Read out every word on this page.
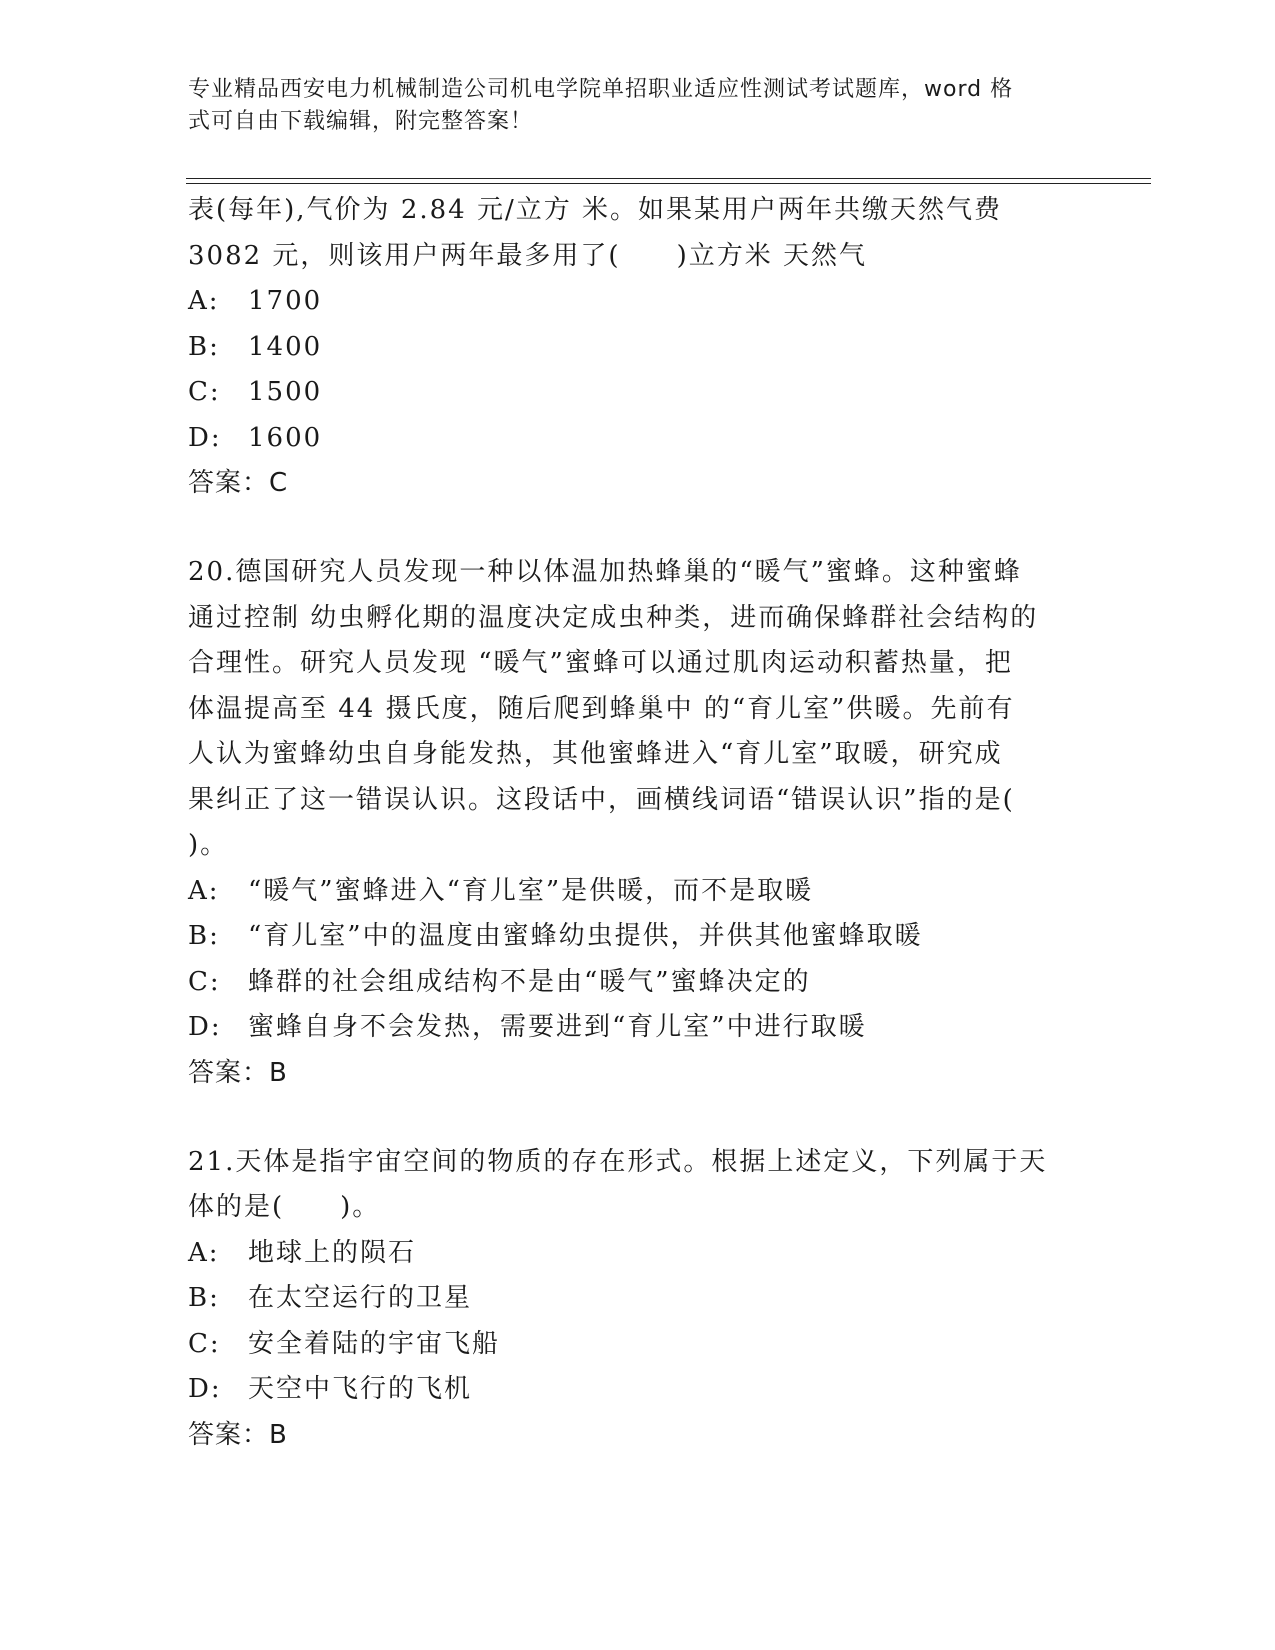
专业精品西安电力机械制造公司机电学院单招职业适应性测试考试题库，word 格
式可自由下载编辑，附完整答案！
表(每年),气价为 2.84 元/立方 米。如果某用户两年共缴天然气费
3082 元，则该用户两年最多用了(　　)立方米 天然气
A:	1700
B:	1400
C:	1500
D:	1600
答案：C
20.德国研究人员发现一种以体温加热蜂巢的“暖气”蜜蜂。这种蜜蜂
通过控制 幼虫孵化期的温度决定成虫种类，进而确保蜂群社会结构的
合理性。研究人员发现 “暖气”蜜蜂可以通过肌肉运动积蓄热量，把
体温提高至 44 摄氏度，随后爬到蜂巢中 的“育儿室”供暖。先前有
人认为蜜蜂幼虫自身能发热，其他蜜蜂进入“育儿室”取暖，研究成
果纠正了这一错误认识。这段话中，画横线词语“错误认识”指的是(
)。
A:	“暖气”蜜蜂进入“育儿室”是供暖，而不是取暖
B:	“育儿室”中的温度由蜜蜂幼虫提供，并供其他蜜蜂取暖
C:	蜂群的社会组成结构不是由“暖气”蜜蜂决定的
D:	蜜蜂自身不会发热，需要进到“育儿室”中进行取暖
答案：B
21.天体是指宇宙空间的物质的存在形式。根据上述定义，下列属于天
体的是(　　)。
A:	地球上的陨石
B:	在太空运行的卫星
C:	安全着陆的宇宙飞船
D:	天空中飞行的飞机
答案：B
